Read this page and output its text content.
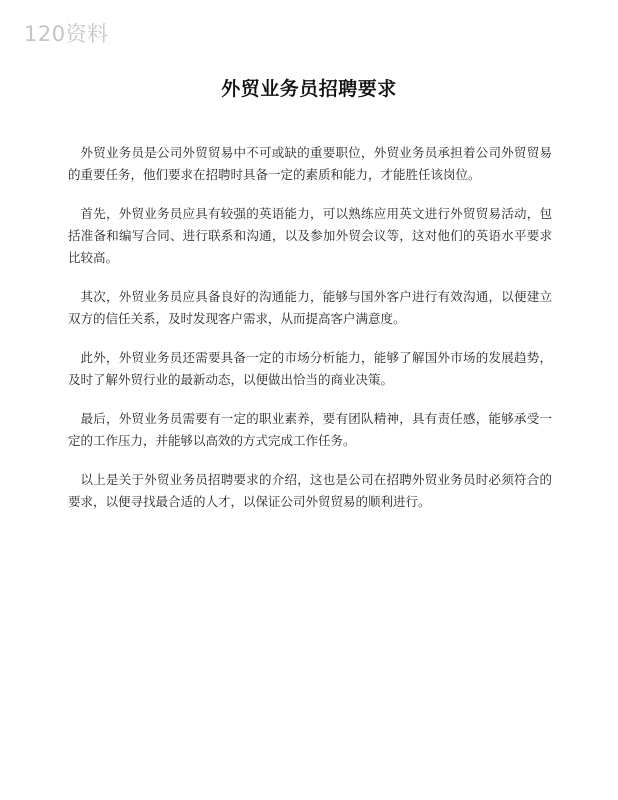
120资料
外贸业务员招聘要求

外贸业务员是公司外贸贸易中不可或缺的重要职位，外贸业务员承担着公司外贸贸易的重要任务，他们要求在招聘时具备一定的素质和能力，才能胜任该岗位。

首先，外贸业务员应具有较强的英语能力，可以熟练应用英文进行外贸贸易活动，包括准备和编写合同、进行联系和沟通，以及参加外贸会议等，这对他们的英语水平要求比较高。

其次，外贸业务员应具备良好的沟通能力，能够与国外客户进行有效沟通，以便建立双方的信任关系，及时发现客户需求，从而提高客户满意度。

此外，外贸业务员还需要具备一定的市场分析能力，能够了解国外市场的发展趋势，及时了解外贸行业的最新动态，以便做出恰当的商业决策。

最后，外贸业务员需要有一定的职业素养，要有团队精神，具有责任感，能够承受一定的工作压力，并能够以高效的方式完成工作任务。

以上是关于外贸业务员招聘要求的介绍，这也是公司在招聘外贸业务员时必须符合的要求，以便寻找最合适的人才，以保证公司外贸贸易的顺利进行。
